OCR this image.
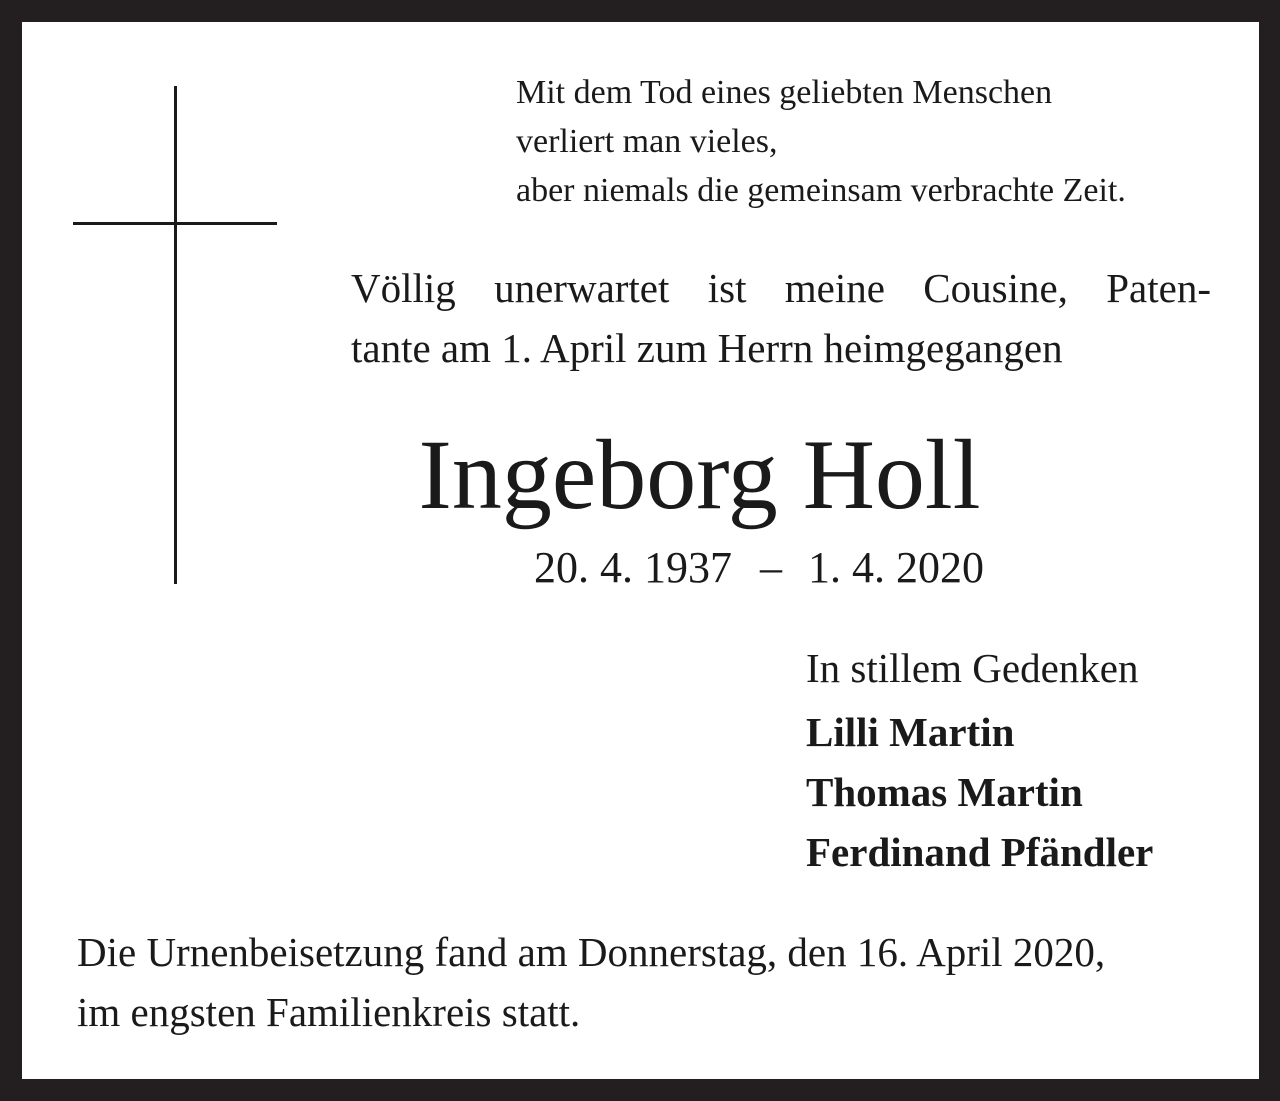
Mit dem Tod eines geliebten Menschen
verliert man vieles,
aber niemals die gemeinsam verbrachte Zeit.
Völlig unerwartet ist meine Cousine, Paten-
tante am 1. April zum Herrn heimgegangen
Ingeborg Holl
20. 4. 1937 – 1. 4. 2020
In stillem Gedenken
Lilli Martin
Thomas Martin
Ferdinand Pfändler
Die Urnenbeisetzung fand am Donnerstag, den 16. April 2020,
im engsten Familienkreis statt.
